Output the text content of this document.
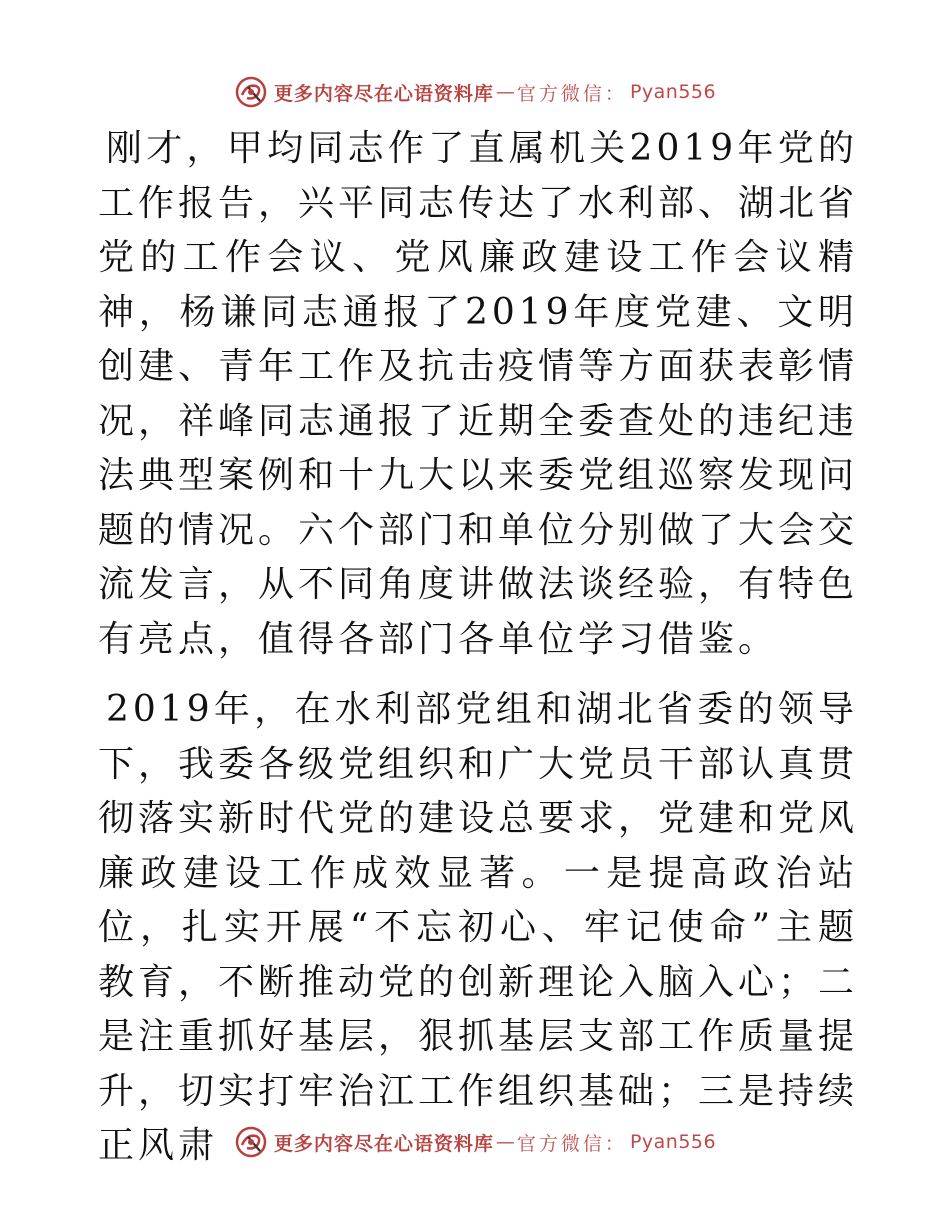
更多内容尽在心语资料库 — 官方微信 ： Pyan556

刚才，甲均同志作了直属机关2019年党的工作报告，兴平同志传达了水利部、湖北省党的工作会议、党风廉政建设工作会议精神，杨谦同志通报了2019年度党建、文明创建、青年工作及抗击疫情等方面获表彰情况，祥峰同志通报了近期全委查处的违纪违法典型案例和十九大以来委党组巡察发现问题的情况。六个部门和单位分别做了大会交流发言，从不同角度讲做法谈经验，有特色有亮点，值得各部门各单位学习借鉴。

2019年，在水利部党组和湖北省委的领导下，我委各级党组织和广大党员干部认真贯彻落实新时代党的建设总要求，党建和党风廉政建设工作成效显著。一是提高政治站位，扎实开展“不忘初心、牢记使命”主题教育，不断推动党的创新理论入脑入心；二是注重抓好基层，狠抓基层支部工作质量提升，切实打牢治江工作组织基础；三是持续正风肃	更多内容尽在心语资料库 — 官方微信 ： Pyan556
